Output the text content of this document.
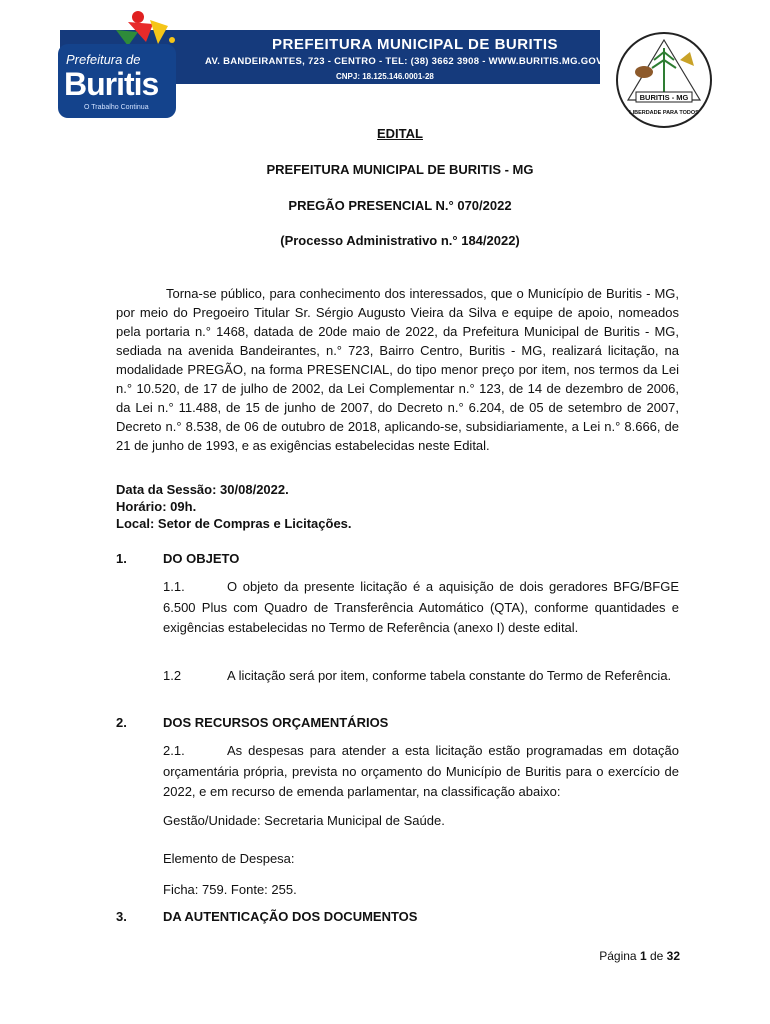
Prefeitura de
Buritis
O Trabalho Continua
PREFEITURA MUNICIPAL DE BURITIS
AV. BANDEIRANTES, 723 - CENTRO - TEL: (38) 3662 3908 - WWW.BURITIS.MG.GOV.BR
CNPJ: 18.125.146.0001-28
BURITIS - MG
LIBERDADE PARA TODOS
EDITAL
PREFEITURA MUNICIPAL DE BURITIS - MG
PREGÃO PRESENCIAL N.° 070/2022
(Processo Administrativo n.° 184/2022)
Torna-se público, para conhecimento dos interessados, que o Município de Buritis - MG, por meio do Pregoeiro Titular Sr. Sérgio Augusto Vieira da Silva e equipe de apoio, nomeados pela portaria n.° 1468, datada de 20de maio de 2022, da Prefeitura Municipal de Buritis - MG, sediada na avenida Bandeirantes, n.° 723, Bairro Centro, Buritis - MG, realizará licitação, na modalidade PREGÃO, na forma PRESENCIAL, do tipo menor preço por item, nos termos da Lei n.° 10.520, de 17 de julho de 2002, da Lei Complementar n.° 123, de 14 de dezembro de 2006, da Lei n.° 11.488, de 15 de junho de 2007, do Decreto n.° 6.204, de 05 de setembro de 2007, Decreto n.° 8.538, de 06 de outubro de 2018, aplicando-se, subsidiariamente, a Lei n.° 8.666, de 21 de junho de 1993, e as exigências estabelecidas neste Edital.
Data da Sessão: 30/08/2022.
Horário: 09h.
Local: Setor de Compras e Licitações.
1.	DO OBJETO
1.1.	O objeto da presente licitação é a aquisição de dois geradores BFG/BFGE 6.500 Plus com Quadro de Transferência Automático (QTA), conforme quantidades e exigências estabelecidas no Termo de Referência (anexo I) deste edital.
1.2	A licitação será por item, conforme tabela constante do Termo de Referência.
2.	DOS RECURSOS ORÇAMENTÁRIOS
2.1.	As despesas para atender a esta licitação estão programadas em dotação orçamentária própria, prevista no orçamento do Município de Buritis para o exercício de 2022, e em recurso de emenda parlamentar, na classificação abaixo:
Gestão/Unidade: Secretaria Municipal de Saúde.
Elemento de Despesa:
Ficha: 759. Fonte: 255.
3.	DA AUTENTICAÇÃO DOS DOCUMENTOS
Página 1 de 32
